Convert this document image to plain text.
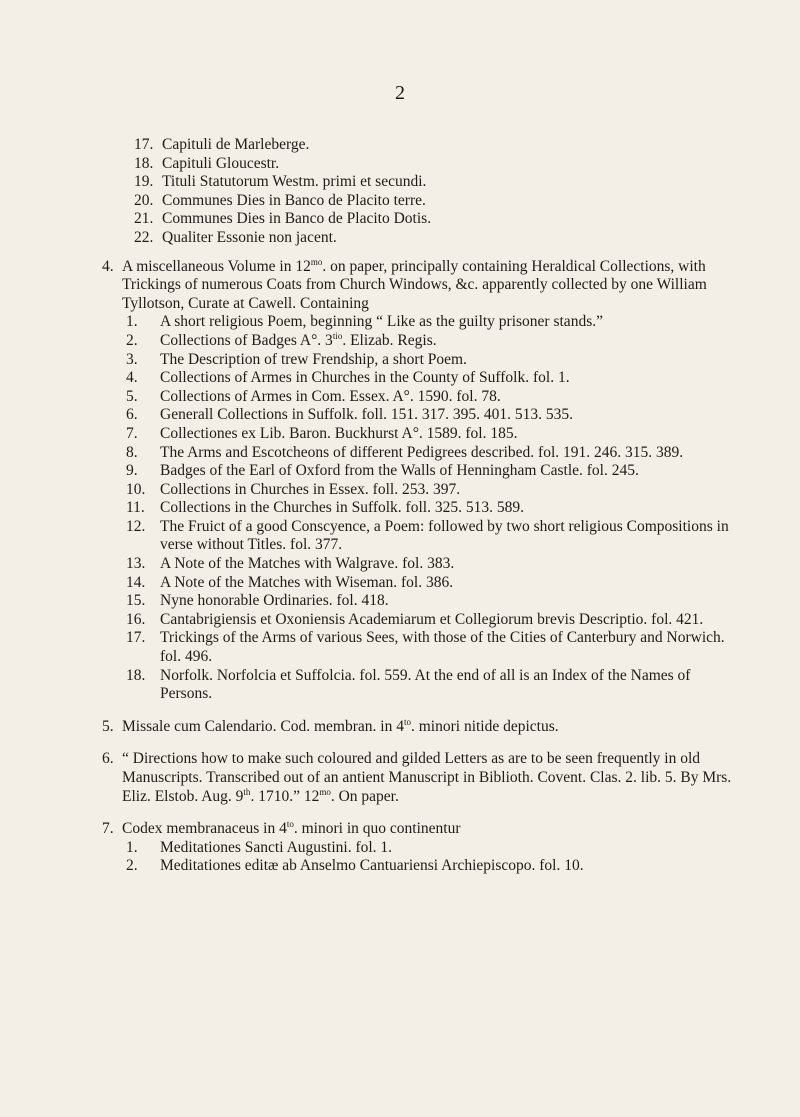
2
17. Capituli de Marleberge.
18. Capituli Gloucestr.
19. Tituli Statutorum Westm. primi et secundi.
20. Communes Dies in Banco de Placito terre.
21. Communes Dies in Banco de Placito Dotis.
22. Qualiter Essonie non jacent.
4. A miscellaneous Volume in $12^{mo}$. on paper, principally containing Heraldical Collections, with Trickings of numerous Coats from Church Windows, &c. apparently collected by one William Tyllotson, Curate at Cawell. Containing
1.	A short religious Poem, beginning “ Like as the guilty prisoner stands.”
2.	Collections of Badges A°. $3^{tio}$. Elizab. Regis.
3.	The Description of trew Frendship, a short Poem.
4.	Collections of Armes in Churches in the County of Suffolk. fol. 1.
5.	Collections of Armes in Com. Essex. A°. 1590. fol. 78.
6.	Generall Collections in Suffolk. foll. 151. 317. 395. 401. 513. 535.
7.	Collectiones ex Lib. Baron. Buckhurst A°. 1589. fol. 185.
8.	The Arms and Escotcheons of different Pedigrees described. fol. 191. 246. 315. 389.
9.	Badges of the Earl of Oxford from the Walls of Henningham Castle. fol. 245.
10. Collections in Churches in Essex. foll. 253. 397.
11. Collections in the Churches in Suffolk. foll. 325. 513. 589.
12. The Fruict of a good Conscyence, a Poem: followed by two short religious Compositions in verse without Titles. fol. 377.
13. A Note of the Matches with Walgrave. fol. 383.
14. A Note of the Matches with Wiseman. fol. 386.
15. Nyne honorable Ordinaries. fol. 418.
16. Cantabrigiensis et Oxoniensis Academiarum et Collegiorum brevis Descriptio. fol. 421.
17. Trickings of the Arms of various Sees, with those of the Cities of Canterbury and Norwich. fol. 496.
18. Norfolk. Norfolcia et Suffolcia. fol. 559. At the end of all is an Index of the Names of Persons.
5. Missale cum Calendario. Cod. membran. in $4^{to}$. minori nitide depictus.
6. “ Directions how to make such coloured and gilded Letters as are to be seen frequently in old Manuscripts. Transcribed out of an antient Manuscript in Biblioth. Covent. Clas. 2. lib. 5. By Mrs. Eliz. Elstob. Aug. 9th. 1710.” $12^{mo}$. On paper.
7. Codex membranaceus in $4^{to}$. minori in quo continentur
1.	Meditationes Sancti Augustini. fol. 1.
2.	Meditationes editæ ab Anselmo Cantuariensi Archiepiscopo. fol. 10.
